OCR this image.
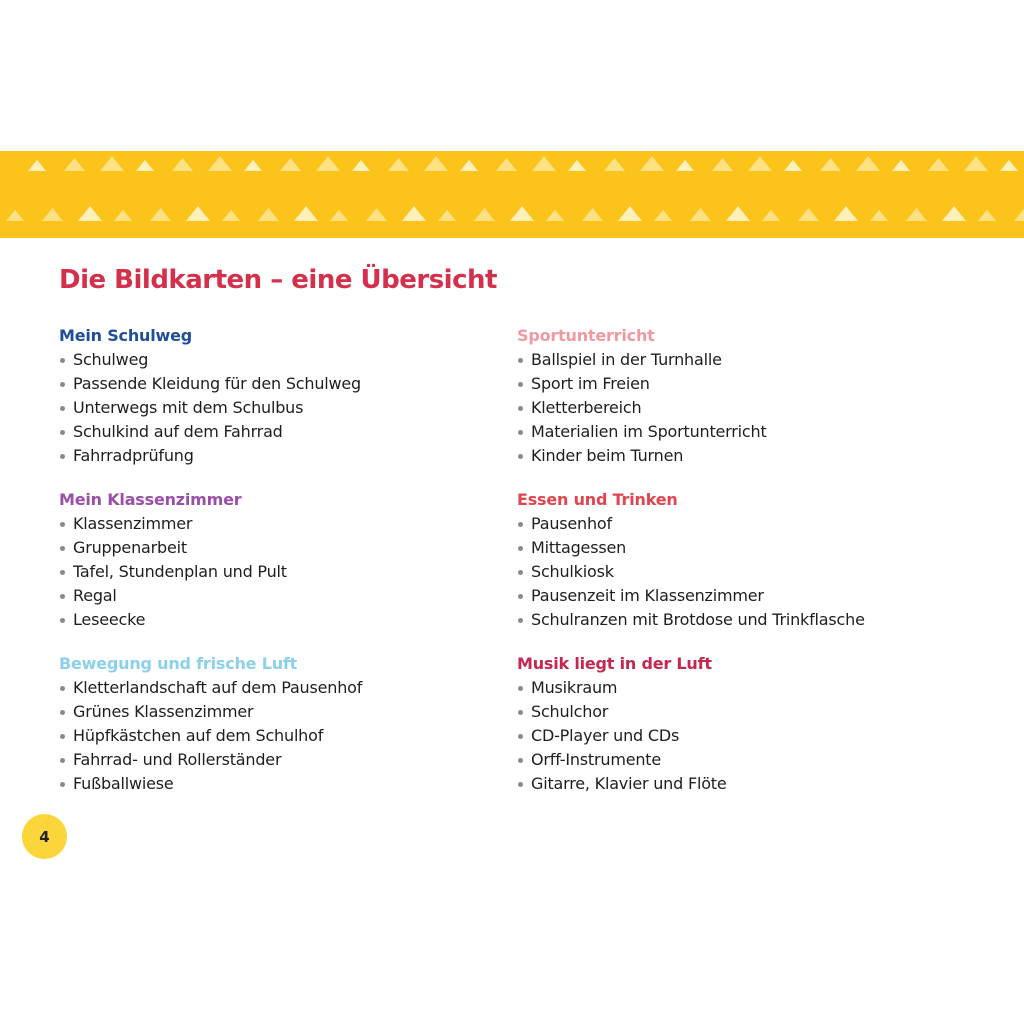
Die Bildkarten – eine Übersicht
Mein Schulweg
Schulweg
Passende Kleidung für den Schulweg
Unterwegs mit dem Schulbus
Schulkind auf dem Fahrrad
Fahrradprüfung
Mein Klassenzimmer
Klassenzimmer
Gruppenarbeit
Tafel, Stundenplan und Pult
Regal
Leseecke
Bewegung und frische Luft
Kletterlandschaft auf dem Pausenhof
Grünes Klassenzimmer
Hüpfkästchen auf dem Schulhof
Fahrrad- und Rollerständer
Fußballwiese
Sportunterricht
Ballspiel in der Turnhalle
Sport im Freien
Kletterbereich
Materialien im Sportunterricht
Kinder beim Turnen
Essen und Trinken
Pausenhof
Mittagessen
Schulkiosk
Pausenzeit im Klassenzimmer
Schulranzen mit Brotdose und Trinkflasche
Musik liegt in der Luft
Musikraum
Schulchor
CD-Player und CDs
Orff-Instrumente
Gitarre, Klavier und Flöte
4
